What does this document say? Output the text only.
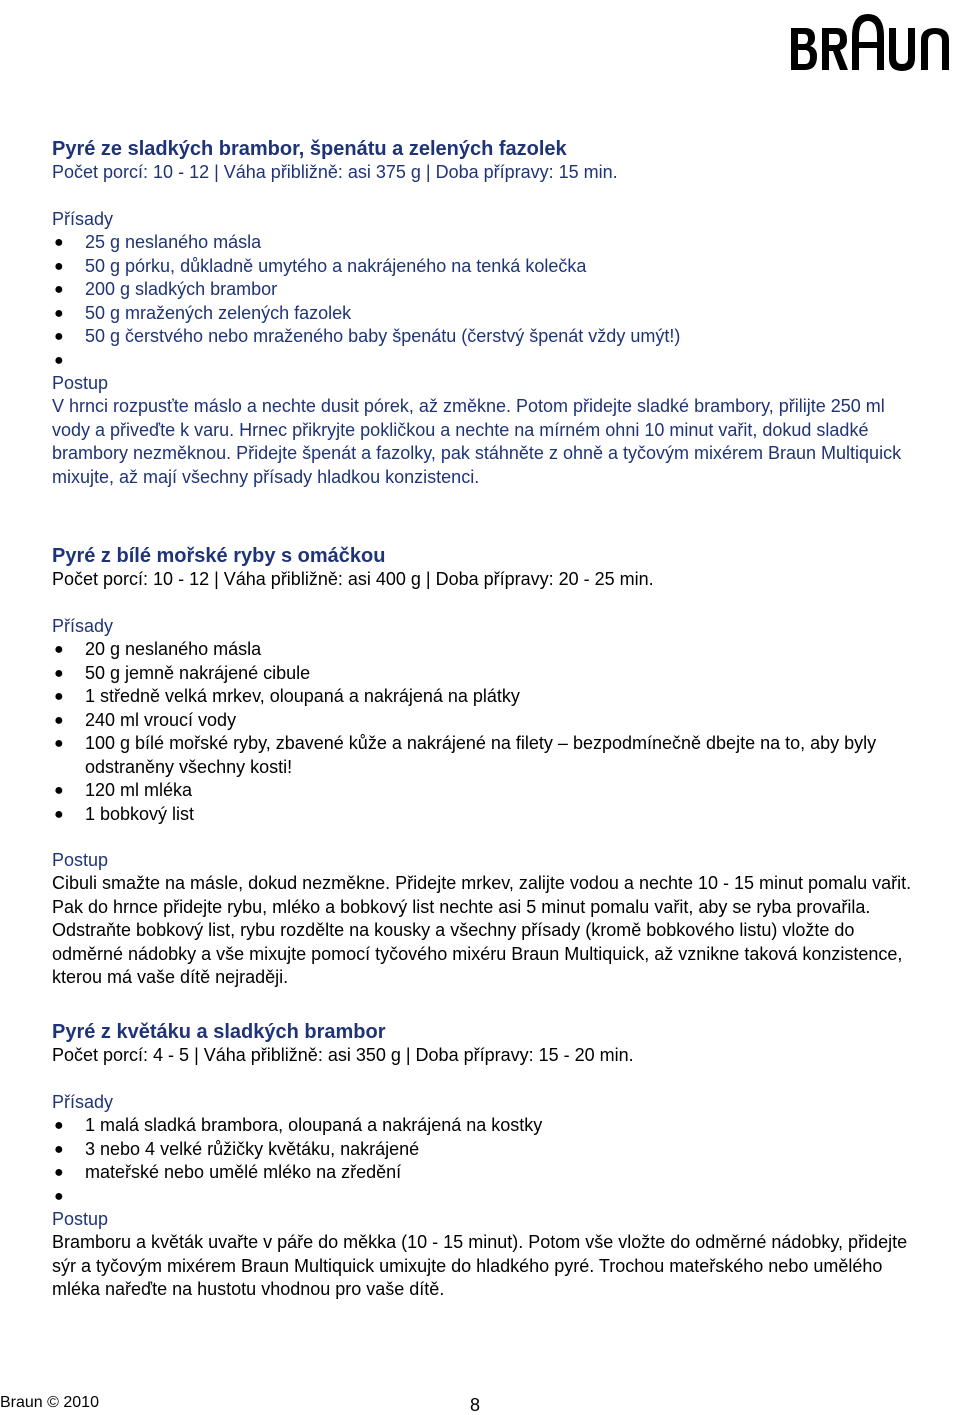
Pyré ze sladkých brambor, špenátu a zelených fazolek

Počet porcí: 10 - 12 | Váha přibližně: asi 375 g | Doba přípravy: 15 min.

Přísady

● 25 g neslaného másla
● 50 g pórku, důkladně umytého a nakrájeného na tenká kolečka
● 200 g sladkých brambor
● 50 g mražených zelených fazolek
● 50 g čerstvého nebo mraženého baby špenátu (čerstvý špenát vždy umýt!)
●

Postup

V hrnci rozpusťte máslo a nechte dusit pórek, až změkne. Potom přidejte sladké brambory, přilijte 250 ml vody a přiveďte k varu. Hrnec přikryjte pokličkou a nechte na mírném ohni 10 minut vařit, dokud sladké brambory nezměknou. Přidejte špenát a fazolky, pak stáhněte z ohně a tyčovým mixérem Braun Multiquick mixujte, až mají všechny přísady hladkou konzistenci.

Pyré z bílé mořské ryby s omáčkou

Počet porcí: 10 - 12 | Váha přibližně: asi 400 g | Doba přípravy: 20 - 25 min.

Přísady

● 20 g neslaného másla
● 50 g jemně nakrájené cibule
● 1 středně velká mrkev, oloupaná a nakrájená na plátky
● 240 ml vroucí vody
● 100 g bílé mořské ryby, zbavené kůže a nakrájené na filety – bezpodmínečně dbejte na to, aby byly odstraněny všechny kosti!
● 120 ml mléka
● 1 bobkový list

Postup

Cibuli smažte na másle, dokud nezměkne. Přidejte mrkev, zalijte vodou a nechte 10 - 15 minut pomalu vařit. Pak do hrnce přidejte rybu, mléko a bobkový list nechte asi 5 minut pomalu vařit, aby se ryba provařila. Odstraňte bobkový list, rybu rozdělte na kousky a všechny přísady (kromě bobkového listu) vložte do odměrné nádobky a vše mixujte pomocí tyčového mixéru Braun Multiquick, až vznikne taková konzistence, kterou má vaše dítě nejraději.

Pyré z květáku a sladkých brambor

Počet porcí: 4 - 5 | Váha přibližně: asi 350 g | Doba přípravy: 15 - 20 min.

Přísady

● 1 malá sladká brambora, oloupaná a nakrájená na kostky
● 3 nebo 4 velké růžičky květáku, nakrájené
● mateřské nebo umělé mléko na zředění
●

Postup

Bramboru a květák uvařte v páře do měkka (10 - 15 minut). Potom vše vložte do odměrné nádobky, přidejte sýr a tyčovým mixérem Braun Multiquick umixujte do hladkého pyré. Trochou mateřského nebo umělého mléka nařeďte na hustotu vhodnou pro vaše dítě.

Braun © 2010	8
